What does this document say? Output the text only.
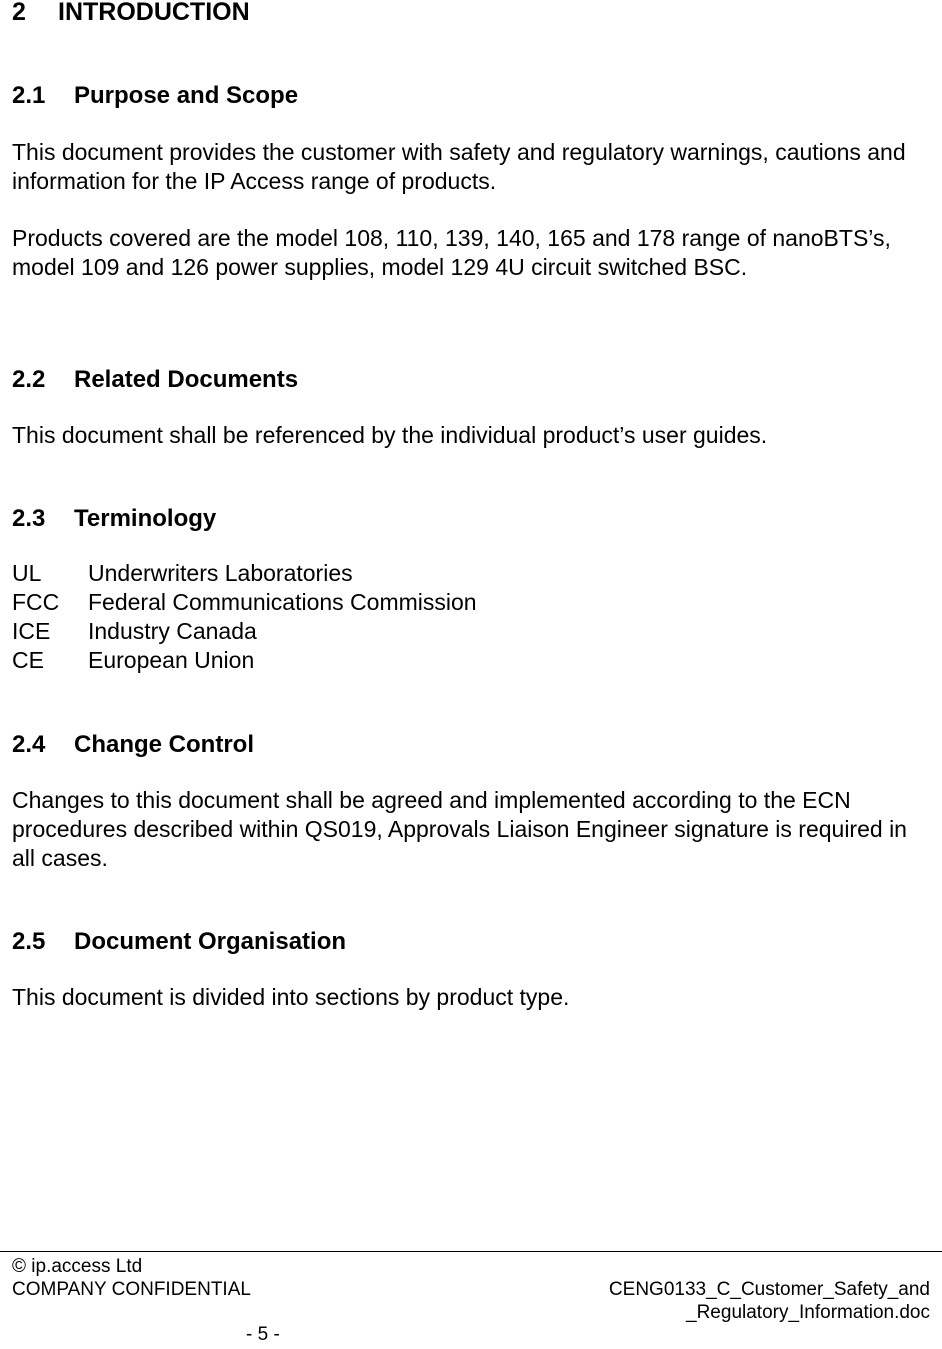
2 INTRODUCTION
2.1 Purpose and Scope

This document provides the customer with safety and regulatory warnings, cautions and information for the IP Access range of products.

Products covered are the model 108, 110, 139, 140, 165 and 178 range of nanoBTS’s, model 109 and 126 power supplies, model 129 4U circuit switched BSC.

2.2 Related Documents

This document shall be referenced by the individual product’s user guides.

2.3 Terminology
UL Underwriters Laboratories
FCC Federal Communications Commission
ICE Industry Canada
CE European Union
2.4 Change Control

Changes to this document shall be agreed and implemented according to the ECN procedures described within QS019, Approvals Liaison Engineer signature is required in all cases.

2.5 Document Organisation

This document is divided into sections by product type.

© ip.access Ltd
COMPANY CONFIDENTIAL	CENG0133_C_Customer_Safety_and
_Regulatory_Information.doc
- 5 -
